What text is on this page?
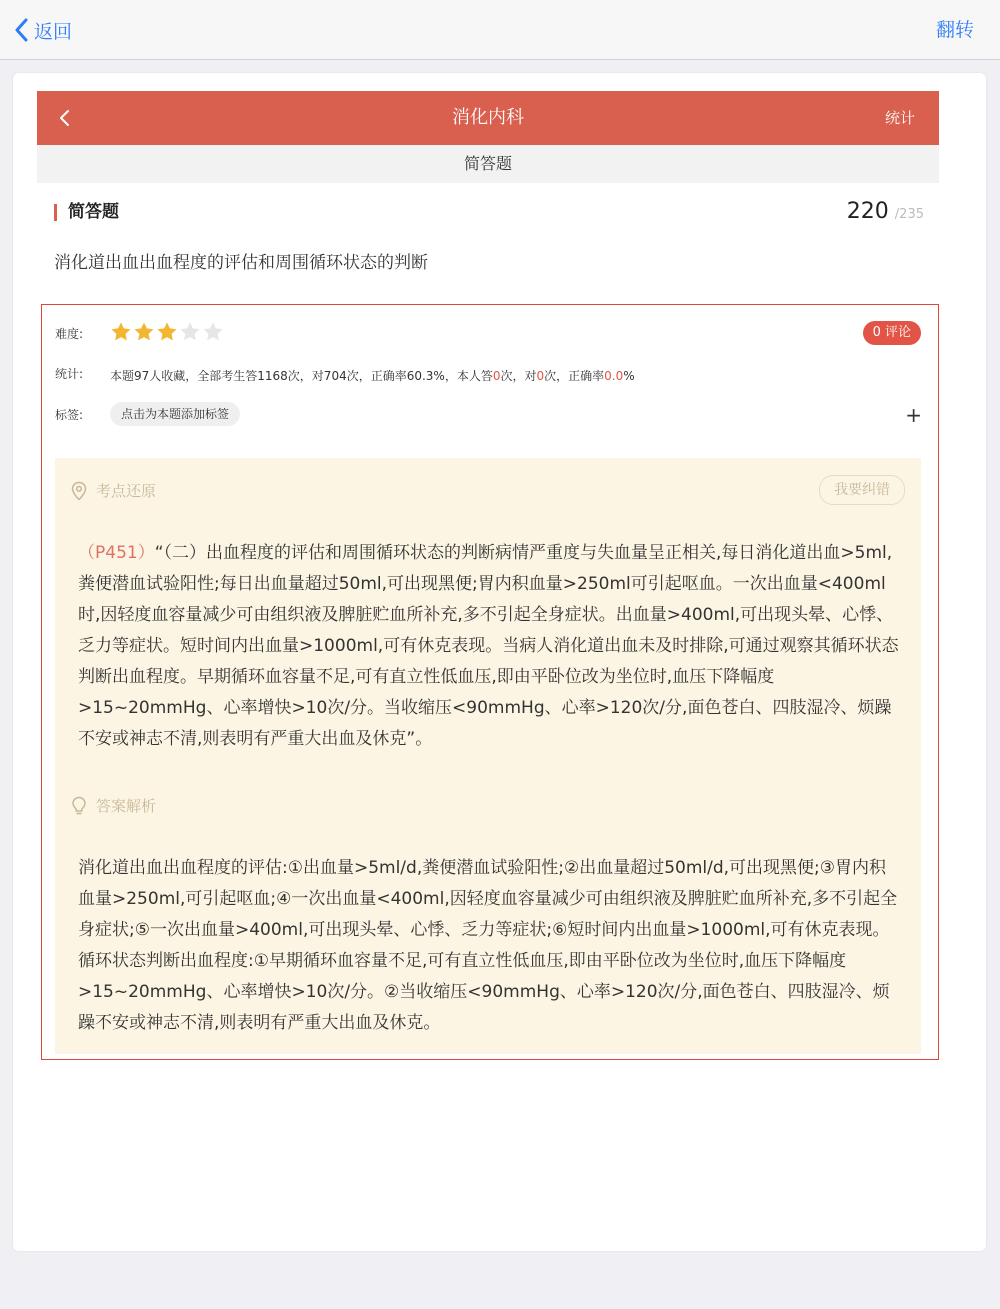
返回	翻转
消化内科	统计
简答题
简答题	220 /235
消化道出血出血程度的评估和周围循环状态的判断
难度:	0 评论
统计: 本题97人收藏，全部考生答1168次，对704次，正确率60.3%，本人答0次，对0次，正确率0.0%
标签:	点击为本题添加标签	+
考点还原	我要纠错
（P451）“（二）出血程度的评估和周围循环状态的判断病情严重度与失血量呈正相关,每日消化道出血>5ml,粪便潜血试验阳性;每日出血量超过50ml,可出现黑便;胃内积血量>250ml可引起呕血。一次出血量<400ml时,因轻度血容量减少可由组织液及脾脏贮血所补充,多不引起全身症状。出血量>400ml,可出现头晕、心悸、乏力等症状。短时间内出血量>1000ml,可有休克表现。当病人消化道出血未及时排除,可通过观察其循环状态判断出血程度。早期循环血容量不足,可有直立性低血压,即由平卧位改为坐位时,血压下降幅度>15~20mmHg、心率增快>10次/分。当收缩压<90mmHg、心率>120次/分,面色苍白、四肢湿冷、烦躁不安或神志不清,则表明有严重大出血及休克”。
答案解析
消化道出血出血程度的评估:①出血量>5ml/d,粪便潜血试验阳性;②出血量超过50ml/d,可出现黑便;③胃内积血量>250ml,可引起呕血;④一次出血量<400ml,因轻度血容量减少可由组织液及脾脏贮血所补充,多不引起全身症状;⑤一次出血量>400ml,可出现头晕、心悸、乏力等症状;⑥短时间内出血量>1000ml,可有休克表现。循环状态判断出血程度:①早期循环血容量不足,可有直立性低血压,即由平卧位改为坐位时,血压下降幅度>15~20mmHg、心率增快>10次/分。②当收缩压<90mmHg、心率>120次/分,面色苍白、四肢湿冷、烦躁不安或神志不清,则表明有严重大出血及休克。
